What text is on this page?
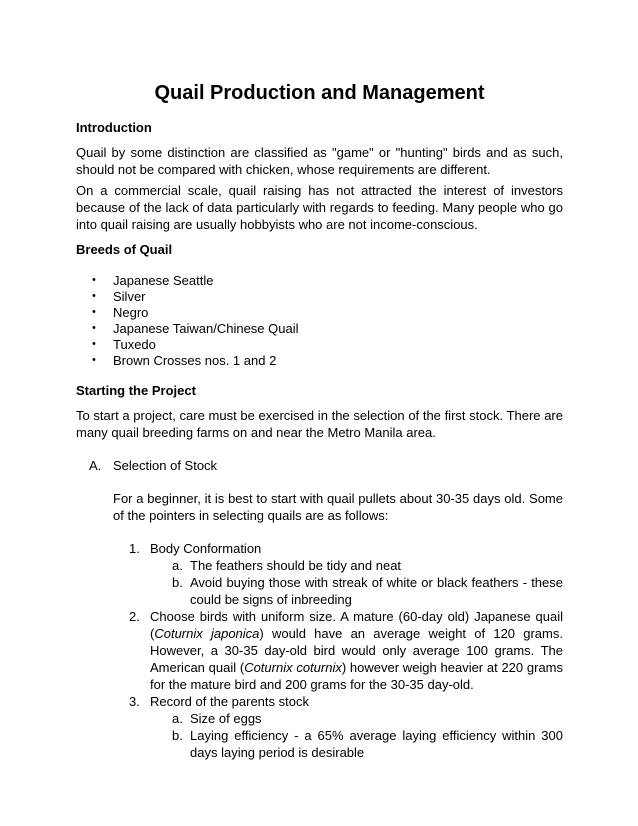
Quail Production and Management
Introduction

Quail by some distinction are classified as "game" or "hunting" birds and as such, should not be compared with chicken, whose requirements are different.

On a commercial scale, quail raising has not attracted the interest of investors because of the lack of data particularly with regards to feeding. Many people who go into quail raising are usually hobbyists who are not income-conscious.

Breeds of Quail
• Japanese Seattle
• Silver
• Negro
• Japanese Taiwan/Chinese Quail
• Tuxedo
• Brown Crosses nos. 1 and 2
Starting the Project

To start a project, care must be exercised in the selection of the first stock. There are many quail breeding farms on and near the Metro Manila area.

A. Selection of Stock

For a beginner, it is best to start with quail pullets about 30-35 days old. Some of the pointers in selecting quails are as follows:

1. Body Conformation
a. The feathers should be tidy and neat
b. Avoid buying those with streak of white or black feathers - these could be signs of inbreeding

2. Choose birds with uniform size. A mature (60-day old) Japanese quail (Coturnix japonica) would have an average weight of 120 grams. However, a 30-35 day-old bird would only average 100 grams. The American quail (Coturnix coturnix) however weigh heavier at 220 grams for the mature bird and 200 grams for the 30-35 day-old.

3. Record of the parents stock
a. Size of eggs
b. Laying efficiency - a 65% average laying efficiency within 300 days laying period is desirable
